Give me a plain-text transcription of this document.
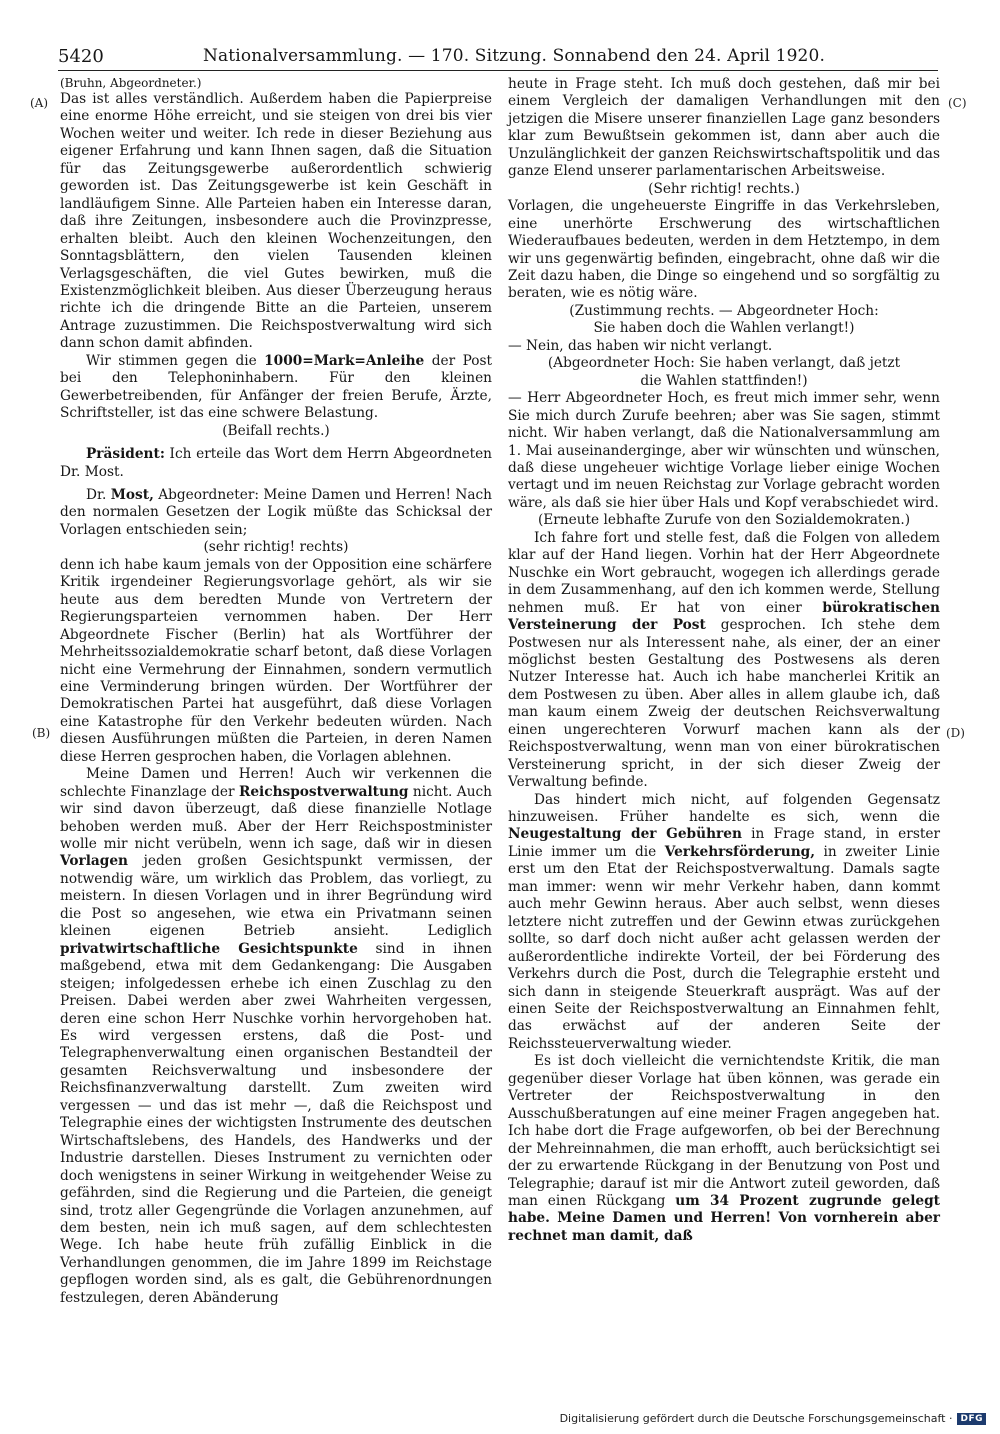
5420	Nationalversammlung. — 170. Sitzung. Sonnabend den 24. April 1920.
(A)
(B)
(C)
(D)

(Bruhn, Abgeordneter.)

Das ist alles verständlich. Außerdem haben die Papierpreise eine enorme Höhe erreicht, und sie steigen von drei bis vier Wochen weiter und weiter. Ich rede in dieser Beziehung aus eigener Erfahrung und kann Ihnen sagen, daß die Situation für das Zeitungsgewerbe außerordentlich schwierig geworden ist. Das Zeitungsgewerbe ist kein Geschäft in landläufigem Sinne. Alle Parteien haben ein Interesse daran, daß ihre Zeitungen, insbesondere auch die Provinzpresse, erhalten bleibt. Auch den kleinen Wochenzeitungen, den Sonntagsblättern, den vielen Tausenden kleinen Verlagsgeschäften, die viel Gutes bewirken, muß die Existenzmöglichkeit bleiben. Aus dieser Überzeugung heraus richte ich die dringende Bitte an die Parteien, unserem Antrage zuzustimmen. Die Reichspostverwaltung wird sich dann schon damit abfinden.

Wir stimmen gegen die 1000=Mark=Anleihe der Post bei den Telephoninhabern. Für den kleinen Gewerbetreibenden, für Anfänger der freien Berufe, Ärzte, Schriftsteller, ist das eine schwere Belastung.

(Beifall rechts.)

Präsident: Ich erteile das Wort dem Herrn Abgeordneten Dr. Most.

Dr. Most, Abgeordneter: Meine Damen und Herren! Nach den normalen Gesetzen der Logik müßte das Schicksal der Vorlagen entschieden sein;

(sehr richtig! rechts)

denn ich habe kaum jemals von der Opposition eine schärfere Kritik irgendeiner Regierungsvorlage gehört, als wir sie heute aus dem beredten Munde von Vertretern der Regierungsparteien vernommen haben. Der Herr Abgeordnete Fischer (Berlin) hat als Wortführer der Mehrheitssozialdemokratie scharf betont, daß diese Vorlagen nicht eine Vermehrung der Einnahmen, sondern vermutlich eine Verminderung bringen würden. Der Wortführer der Demokratischen Partei hat ausgeführt, daß diese Vorlagen eine Katastrophe für den Verkehr bedeuten würden. Nach diesen Ausführungen müßten die Parteien, in deren Namen diese Herren gesprochen haben, die Vorlagen ablehnen.

Meine Damen und Herren! Auch wir verkennen die schlechte Finanzlage der Reichspostverwaltung nicht. Auch wir sind davon überzeugt, daß diese finanzielle Notlage behoben werden muß. Aber der Herr Reichspostminister wolle mir nicht verübeln, wenn ich sage, daß wir in diesen Vorlagen jeden großen Gesichtspunkt vermissen, der notwendig wäre, um wirklich das Problem, das vorliegt, zu meistern. In diesen Vorlagen und in ihrer Begründung wird die Post so angesehen, wie etwa ein Privatmann seinen kleinen eigenen Betrieb ansieht. Lediglich privatwirtschaftliche Gesichtspunkte sind in ihnen maßgebend, etwa mit dem Gedankengang: Die Ausgaben steigen; infolgedessen erhebe ich einen Zuschlag zu den Preisen. Dabei werden aber zwei Wahrheiten vergessen, deren eine schon Herr Nuschke vorhin hervorgehoben hat. Es wird vergessen erstens, daß die Post- und Telegraphenverwaltung einen organischen Bestandteil der gesamten Reichsverwaltung und insbesondere der Reichsfinanzverwaltung darstellt. Zum zweiten wird vergessen — und das ist mehr —, daß die Reichspost und Telegraphie eines der wichtigsten Instrumente des deutschen Wirtschaftslebens, des Handels, des Handwerks und der Industrie darstellen. Dieses Instrument zu vernichten oder doch wenigstens in seiner Wirkung in weitgehender Weise zu gefährden, sind die Regierung und die Parteien, die geneigt sind, trotz aller Gegengründe die Vorlagen anzunehmen, auf dem besten, nein ich muß sagen, auf dem schlechtesten Wege. Ich habe heute früh zufällig Einblick in die Verhandlungen genommen, die im Jahre 1899 im Reichstage gepflogen worden sind, als es galt, die Gebührenordnungen festzulegen, deren Abänderung

heute in Frage steht. Ich muß doch gestehen, daß mir bei einem Vergleich der damaligen Verhandlungen mit den jetzigen die Misere unserer finanziellen Lage ganz besonders klar zum Bewußtsein gekommen ist, dann aber auch die Unzulänglichkeit der ganzen Reichswirtschaftspolitik und das ganze Elend unserer parlamentarischen Arbeitsweise.

(Sehr richtig! rechts.)

Vorlagen, die ungeheuerste Eingriffe in das Verkehrsleben, eine unerhörte Erschwerung des wirtschaftlichen Wiederaufbaues bedeuten, werden in dem Hetztempo, in dem wir uns gegenwärtig befinden, eingebracht, ohne daß wir die Zeit dazu haben, die Dinge so eingehend und so sorgfältig zu beraten, wie es nötig wäre.

(Zustimmung rechts. — Abgeordneter Hoch:
Sie haben doch die Wahlen verlangt!)

— Nein, das haben wir nicht verlangt.

(Abgeordneter Hoch: Sie haben verlangt, daß jetzt
die Wahlen stattfinden!)

— Herr Abgeordneter Hoch, es freut mich immer sehr, wenn Sie mich durch Zurufe beehren; aber was Sie sagen, stimmt nicht. Wir haben verlangt, daß die Nationalversammlung am 1. Mai auseinanderginge, aber wir wünschten und wünschen, daß diese ungeheuer wichtige Vorlage lieber einige Wochen vertagt und im neuen Reichstag zur Vorlage gebracht worden wäre, als daß sie hier über Hals und Kopf verabschiedet wird.

(Erneute lebhafte Zurufe von den Sozialdemokraten.)

Ich fahre fort und stelle fest, daß die Folgen von alledem klar auf der Hand liegen. Vorhin hat der Herr Abgeordnete Nuschke ein Wort gebraucht, wogegen ich allerdings gerade in dem Zusammenhang, auf den ich kommen werde, Stellung nehmen muß. Er hat von einer bürokratischen Versteinerung der Post gesprochen. Ich stehe dem Postwesen nur als Interessent nahe, als einer, der an einer möglichst besten Gestaltung des Postwesens als deren Nutzer Interesse hat. Auch ich habe mancherlei Kritik an dem Postwesen zu üben. Aber alles in allem glaube ich, daß man kaum einem Zweig der deutschen Reichsverwaltung einen ungerechteren Vorwurf machen kann als der Reichspostverwaltung, wenn man von einer bürokratischen Versteinerung spricht, in der sich dieser Zweig der Verwaltung befinde.

Das hindert mich nicht, auf folgenden Gegensatz hinzuweisen. Früher handelte es sich, wenn die Neugestaltung der Gebühren in Frage stand, in erster Linie immer um die Verkehrsförderung, in zweiter Linie erst um den Etat der Reichspostverwaltung. Damals sagte man immer: wenn wir mehr Verkehr haben, dann kommt auch mehr Gewinn heraus. Aber auch selbst, wenn dieses letztere nicht zutreffen und der Gewinn etwas zurückgehen sollte, so darf doch nicht außer acht gelassen werden der außerordentliche indirekte Vorteil, der bei Förderung des Verkehrs durch die Post, durch die Telegraphie ersteht und sich dann in steigende Steuerkraft ausprägt. Was auf der einen Seite der Reichspostverwaltung an Einnahmen fehlt, das erwächst auf der anderen Seite der Reichssteuerverwaltung wieder.

Es ist doch vielleicht die vernichtendste Kritik, die man gegenüber dieser Vorlage hat üben können, was gerade ein Vertreter der Reichspostverwaltung in den Ausschußberatungen auf eine meiner Fragen angegeben hat. Ich habe dort die Frage aufgeworfen, ob bei der Berechnung der Mehreinnahmen, die man erhofft, auch berücksichtigt sei der zu erwartende Rückgang in der Benutzung von Post und Telegraphie; darauf ist mir die Antwort zuteil geworden, daß man einen Rückgang um 34 Prozent zugrunde gelegt habe. Meine Damen und Herren! Von vornherein aber rechnet man damit, daß

Digitalisierung gefördert durch die Deutsche Forschungsgemeinschaft · DFG
